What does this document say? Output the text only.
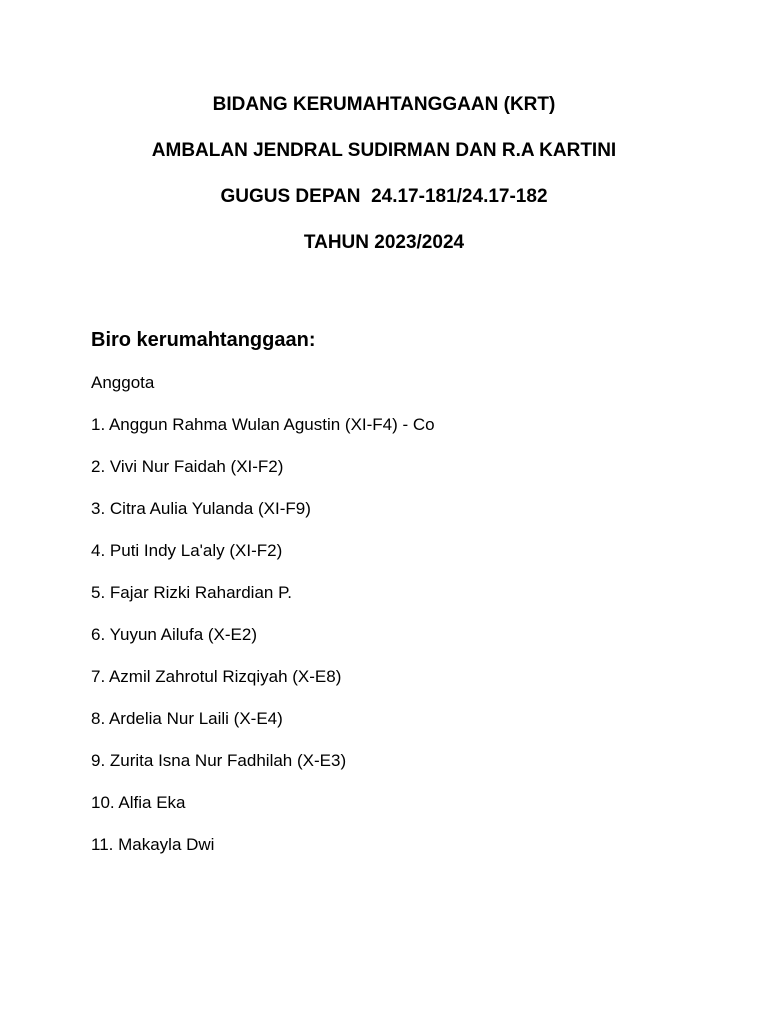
BIDANG KERUMAHTANGGAAN (KRT)
AMBALAN JENDRAL SUDIRMAN DAN R.A KARTINI
GUGUS DEPAN  24.17-181/24.17-182
TAHUN 2023/2024
Biro kerumahtanggaan:
Anggota
1. Anggun Rahma Wulan Agustin (XI-F4) - Co
2. Vivi Nur Faidah (XI-F2)
3. Citra Aulia Yulanda (XI-F9)
4. Puti Indy La'aly (XI-F2)
5. Fajar Rizki Rahardian P.
6. Yuyun Ailufa (X-E2)
7. Azmil Zahrotul Rizqiyah (X-E8)
8. Ardelia Nur Laili (X-E4)
9. Zurita Isna Nur Fadhilah (X-E3)
10. Alfia Eka
11. Makayla Dwi
